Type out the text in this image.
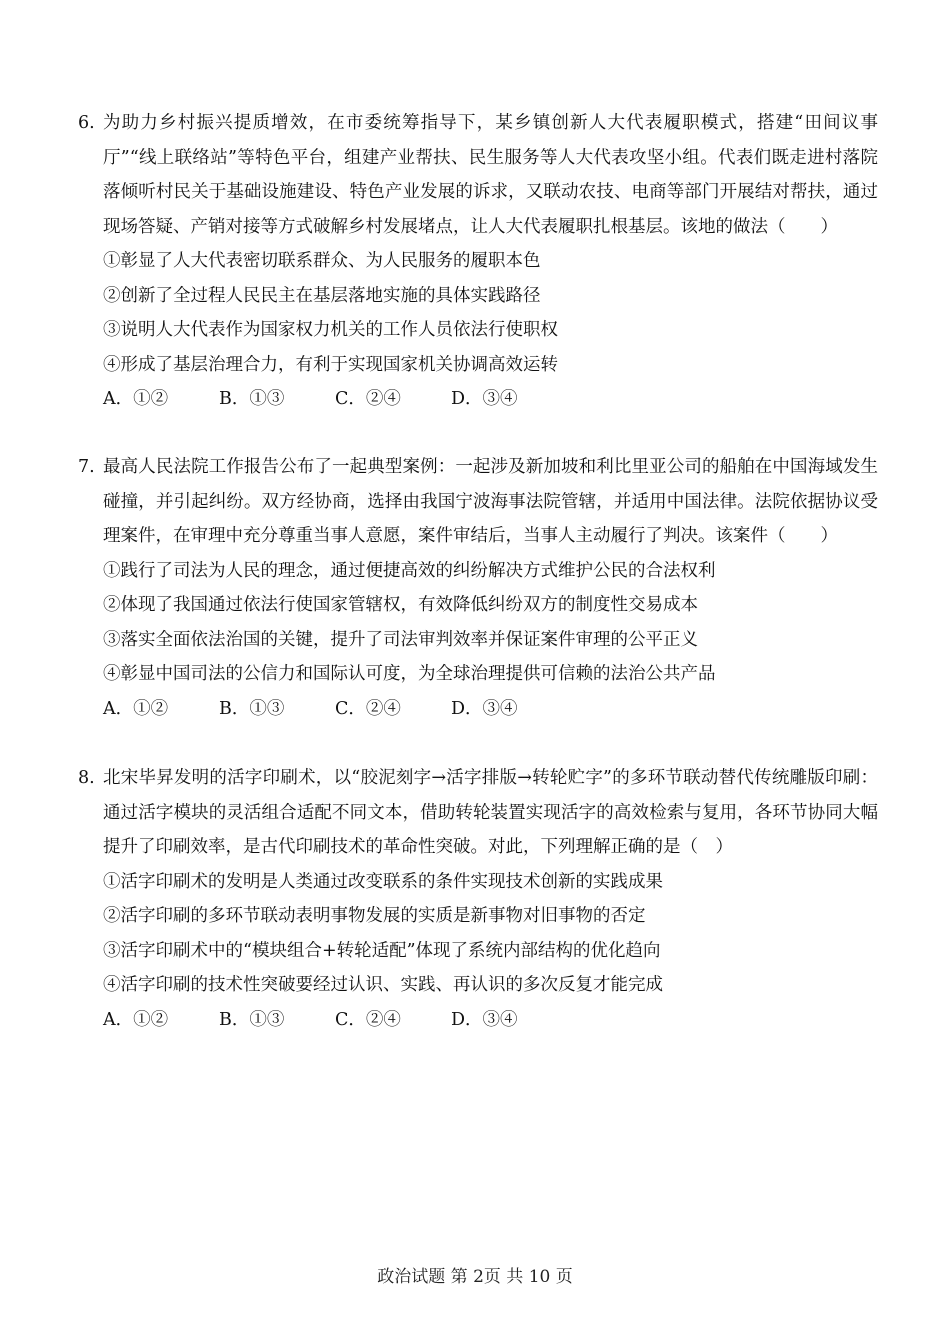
6. 为助力乡村振兴提质增效，在市委统筹指导下，某乡镇创新人大代表履职模式，搭建“田间议事厅”“线上联络站”等特色平台，组建产业帮扶、民生服务等人大代表攻坚小组。代表们既走进村落院落倾听村民关于基础设施建设、特色产业发展的诉求，又联动农技、电商等部门开展结对帮扶，通过现场答疑、产销对接等方式破解乡村发展堵点，让人大代表履职扎根基层。该地的做法（　　）

①彰显了人大代表密切联系群众、为人民服务的履职本色

②创新了全过程人民民主在基层落地实施的具体实践路径

③说明人大代表作为国家权力机关的工作人员依法行使职权

④形成了基层治理合力，有利于实现国家机关协调高效运转

A．①②	B．①③	C．②④	D．③④

7. 最高人民法院工作报告公布了一起典型案例：一起涉及新加坡和利比里亚公司的船舶在中国海域发生碰撞，并引起纠纷。双方经协商，选择由我国宁波海事法院管辖，并适用中国法律。法院依据协议受理案件，在审理中充分尊重当事人意愿，案件审结后，当事人主动履行了判决。该案件（　　）

①践行了司法为人民的理念，通过便捷高效的纠纷解决方式维护公民的合法权利

②体现了我国通过依法行使国家管辖权，有效降低纠纷双方的制度性交易成本

③落实全面依法治国的关键，提升了司法审判效率并保证案件审理的公平正义

④彰显中国司法的公信力和国际认可度，为全球治理提供可信赖的法治公共产品

A．①②	B．①③	C．②④	D．③④

8. 北宋毕昇发明的活字印刷术，以“胶泥刻字→活字排版→转轮贮字”的多环节联动替代传统雕版印刷：通过活字模块的灵活组合适配不同文本，借助转轮装置实现活字的高效检索与复用，各环节协同大幅提升了印刷效率，是古代印刷技术的革命性突破。对此，下列理解正确的是（　）

①活字印刷术的发明是人类通过改变联系的条件实现技术创新的实践成果

②活字印刷的多环节联动表明事物发展的实质是新事物对旧事物的否定

③活字印刷术中的“模块组合+转轮适配”体现了系统内部结构的优化趋向

④活字印刷的技术性突破要经过认识、实践、再认识的多次反复才能完成

A．①②	B．①③	C．②④	D．③④
政治试题 第 2页 共 10 页
